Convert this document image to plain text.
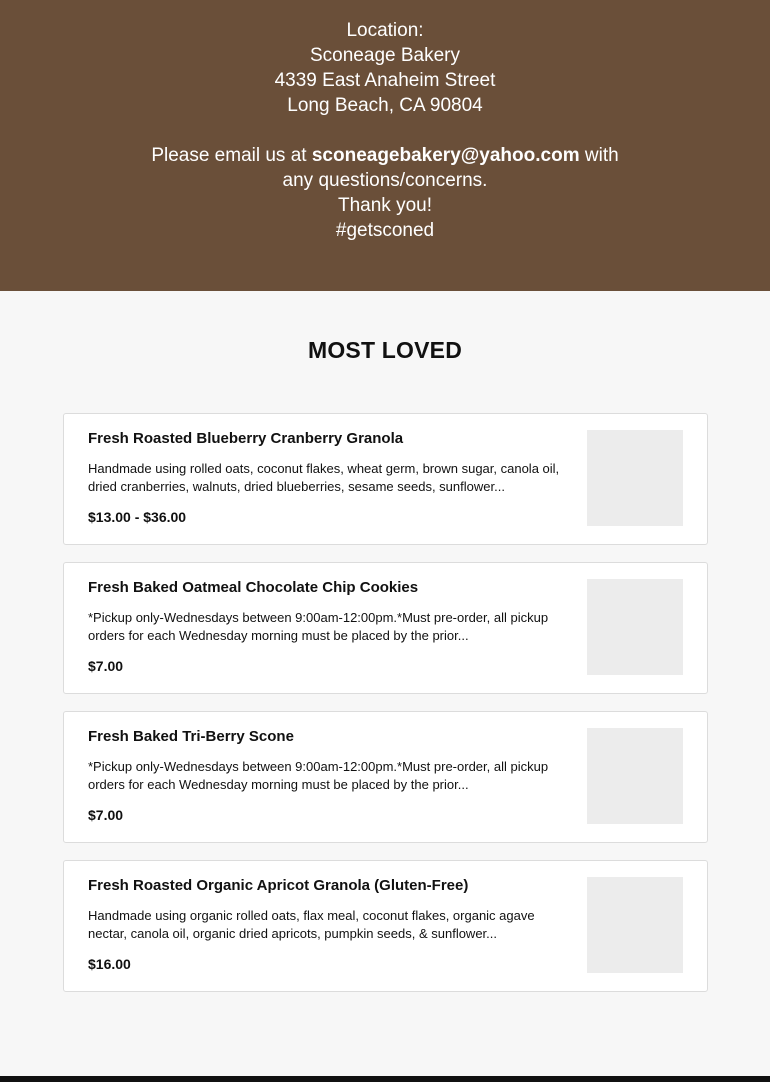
Location:

Sconeage Bakery

4339 East Anaheim Street

Long Beach, CA 90804

Please email us at sconeagebakery@yahoo.com with any questions/concerns.

Thank you!

#getsconed

MOST LOVED
Fresh Roasted Blueberry Cranberry Granola

Handmade using rolled oats, coconut flakes, wheat germ, brown sugar, canola oil, dried cranberries, walnuts, dried blueberries, sesame seeds, sunflower...

$13.00 - $36.00

Fresh Baked Oatmeal Chocolate Chip Cookies

*Pickup only-Wednesdays between 9:00am-12:00pm.*Must pre-order, all pickup orders for each Wednesday morning must be placed by the prior...

$7.00

Fresh Baked Tri-Berry Scone

*Pickup only-Wednesdays between 9:00am-12:00pm.*Must pre-order, all pickup orders for each Wednesday morning must be placed by the prior...

$7.00

Fresh Roasted Organic Apricot Granola (Gluten-Free)

Handmade using organic rolled oats, flax meal, coconut flakes, organic agave nectar, canola oil, organic dried apricots, pumpkin seeds, & sunflower...

$16.00
